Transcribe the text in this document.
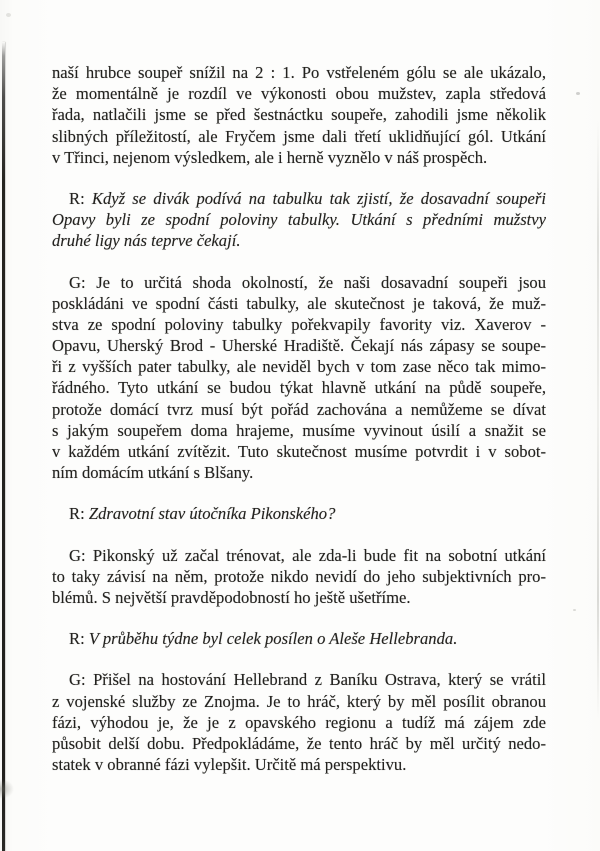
naší hrubce soupeř snížil na 2 : 1. Po vstřeleném gólu se ale ukázalo,
že momentálně je rozdíl ve výkonosti obou mužstev, zapla středová
řada, natlačili jsme se před šestnáctku soupeře, zahodili jsme několik
slibných příležitostí, ale Fryčem jsme dali třetí uklidňující gól. Utkání
v Třinci, nejenom výsledkem, ale i herně vyznělo v náš prospěch.
R: Když se divák podívá na tabulku tak zjistí, že dosavadní soupeři
Opavy byli ze spodní poloviny tabulky. Utkání s předními mužstvy
druhé ligy nás teprve čekají.
G: Je to určitá shoda okolností, že naši dosavadní soupeři jsou
poskládáni ve spodní části tabulky, ale skutečnost je taková, že muž-
stva ze spodní poloviny tabulky pořekvapily favority viz. Xaverov -
Opavu, Uherský Brod - Uherské Hradiště. Čekají nás zápasy se soupe-
ři z vyšších pater tabulky, ale neviděl bych v tom zase něco tak mimo-
řádného. Tyto utkání se budou týkat hlavně utkání na půdě soupeře,
protože domácí tvrz musí být pořád zachována a nemůžeme se dívat
s jakým soupeřem doma hrajeme, musíme vyvinout úsilí a snažit se
v každém utkání zvítězit. Tuto skutečnost musíme potvrdit i v sobot-
ním domácím utkání s Blšany.
R: Zdravotní stav útočníka Pikonského?
G: Pikonský už začal trénovat, ale zda-li bude fit na sobotní utkání
to taky závisí na něm, protože nikdo nevidí do jeho subjektivních pro-
blémů. S největší pravděpodobností ho ještě ušetříme.
R: V průběhu týdne byl celek posílen o Aleše Hellebranda.
G: Přišel na hostování Hellebrand z Baníku Ostrava, který se vrátil
z vojenské služby ze Znojma. Je to hráč, který by měl posílit obranou
fázi, výhodou je, že je z opavského regionu a tudíž má zájem zde
působit delší dobu. Předpokládáme, že tento hráč by měl určitý nedo-
statek v obranné fázi vylepšit. Určitě má perspektivu.
